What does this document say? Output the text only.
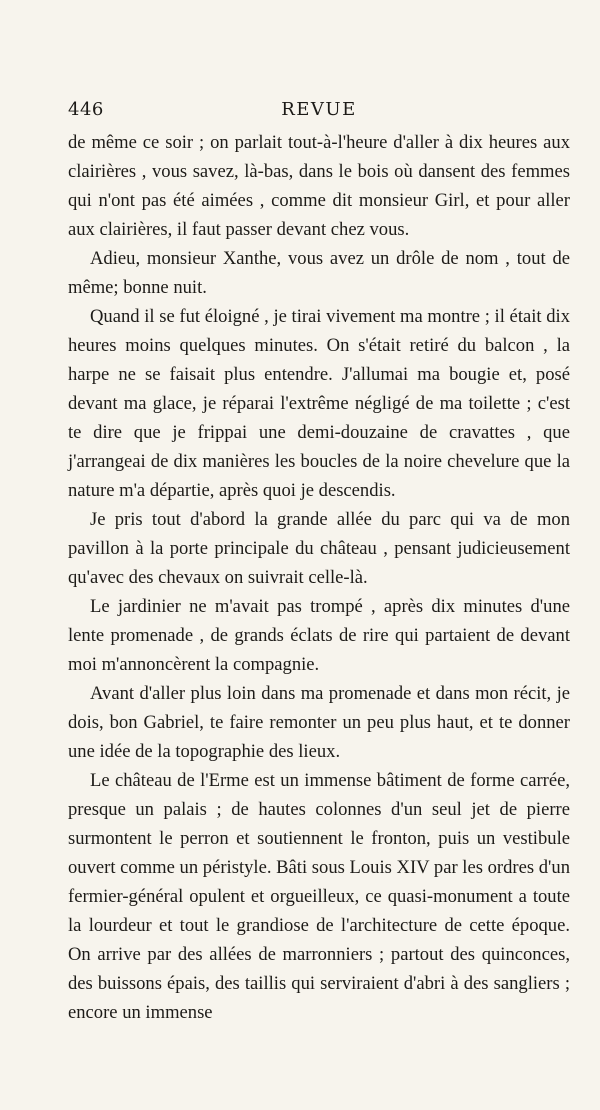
446	REVUE

de même ce soir ; on parlait tout-à-l'heure d'aller à dix heures aux clairières , vous savez, là-bas, dans le bois où dansent des femmes qui n'ont pas été aimées , comme dit monsieur Girl, et pour aller aux clairières, il faut passer devant chez vous.

Adieu, monsieur Xanthe, vous avez un drôle de nom , tout de même; bonne nuit.

Quand il se fut éloigné , je tirai vivement ma montre ; il était dix heures moins quelques minutes. On s'était retiré du balcon , la harpe ne se faisait plus entendre. J'allumai ma bougie et, posé devant ma glace, je réparai l'extrême négligé de ma toilette ; c'est te dire que je frippai une demi-douzaine de cravattes , que j'arrangeai de dix manières les boucles de la noire chevelure que la nature m'a départie, après quoi je descendis.

Je pris tout d'abord la grande allée du parc qui va de mon pavillon à la porte principale du château , pensant judicieusement qu'avec des chevaux on suivrait celle-là.

Le jardinier ne m'avait pas trompé , après dix minutes d'une lente promenade , de grands éclats de rire qui partaient de devant moi m'annoncèrent la compagnie.

Avant d'aller plus loin dans ma promenade et dans mon récit, je dois, bon Gabriel, te faire remonter un peu plus haut, et te donner une idée de la topographie des lieux.

Le château de l'Erme est un immense bâtiment de forme carrée, presque un palais ; de hautes colonnes d'un seul jet de pierre surmontent le perron et soutiennent le fronton, puis un vestibule ouvert comme un péristyle. Bâti sous Louis XIV par les ordres d'un fermier-général opulent et orgueilleux, ce quasi-monument a toute la lourdeur et tout le grandiose de l'architecture de cette époque. On arrive par des allées de marronniers ; partout des quinconces, des buissons épais, des taillis qui serviraient d'abri à des sangliers ; encore un immense
